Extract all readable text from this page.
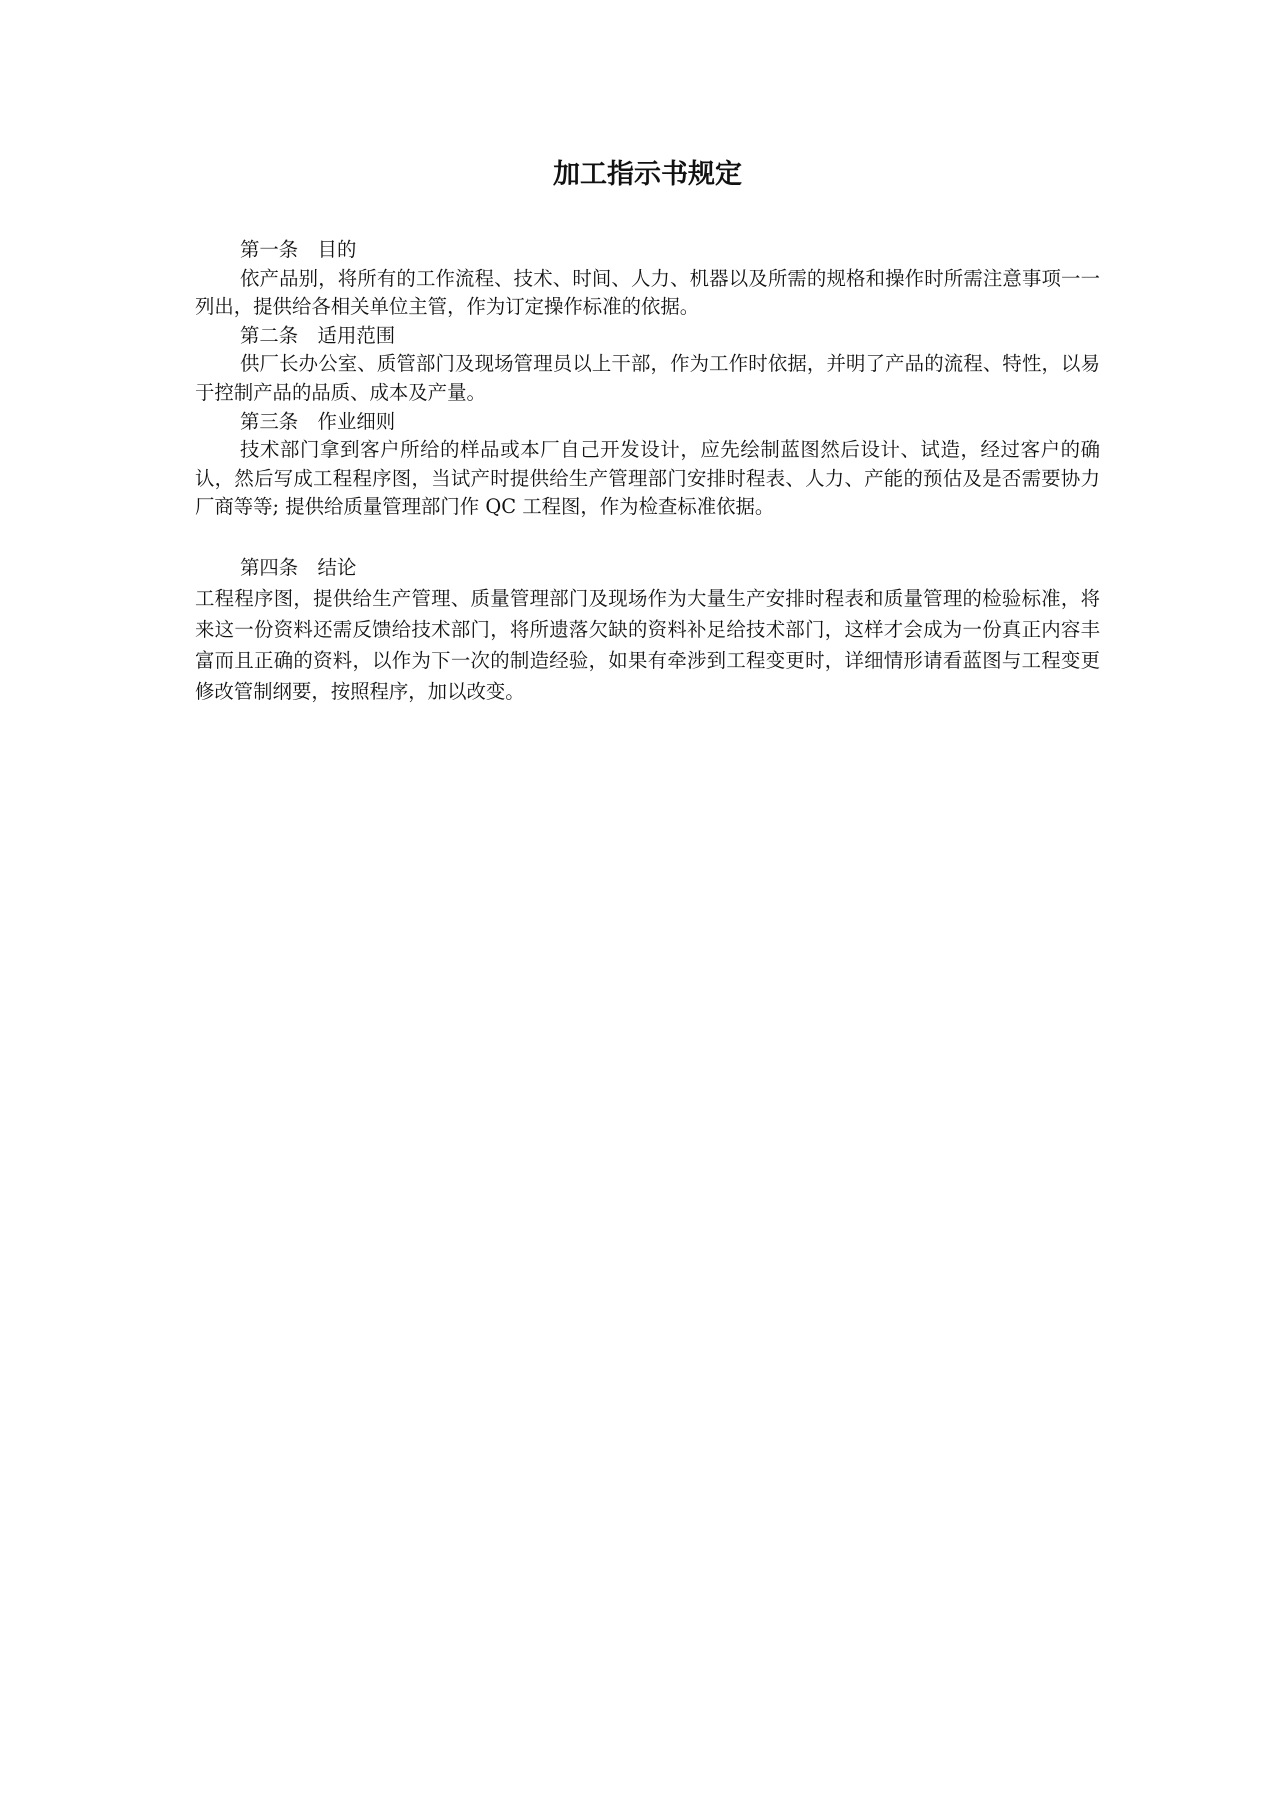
加工指示书规定

第一条　目的

依产品别，将所有的工作流程、技术、时间、人力、机器以及所需的规格和操作时所需注意事项一一列出，提供给各相关单位主管，作为订定操作标准的依据。

第二条　适用范围

供厂长办公室、质管部门及现场管理员以上干部，作为工作时依据，并明了产品的流程、特性，以易于控制产品的品质、成本及产量。

第三条　作业细则

技术部门拿到客户所给的样品或本厂自己开发设计，应先绘制蓝图然后设计、试造，经过客户的确认，然后写成工程程序图，当试产时提供给生产管理部门安排时程表、人力、产能的预估及是否需要协力厂商等等; 提供给质量管理部门作 QC 工程图，作为检查标准依据。

第四条　结论

工程程序图，提供给生产管理、质量管理部门及现场作为大量生产安排时程表和质量管理的检验标准，将来这一份资料还需反馈给技术部门，将所遗落欠缺的资料补足给技术部门，这样才会成为一份真正内容丰富而且正确的资料，以作为下一次的制造经验，如果有牵涉到工程变更时，详细情形请看蓝图与工程变更修改管制纲要，按照程序，加以改变。
